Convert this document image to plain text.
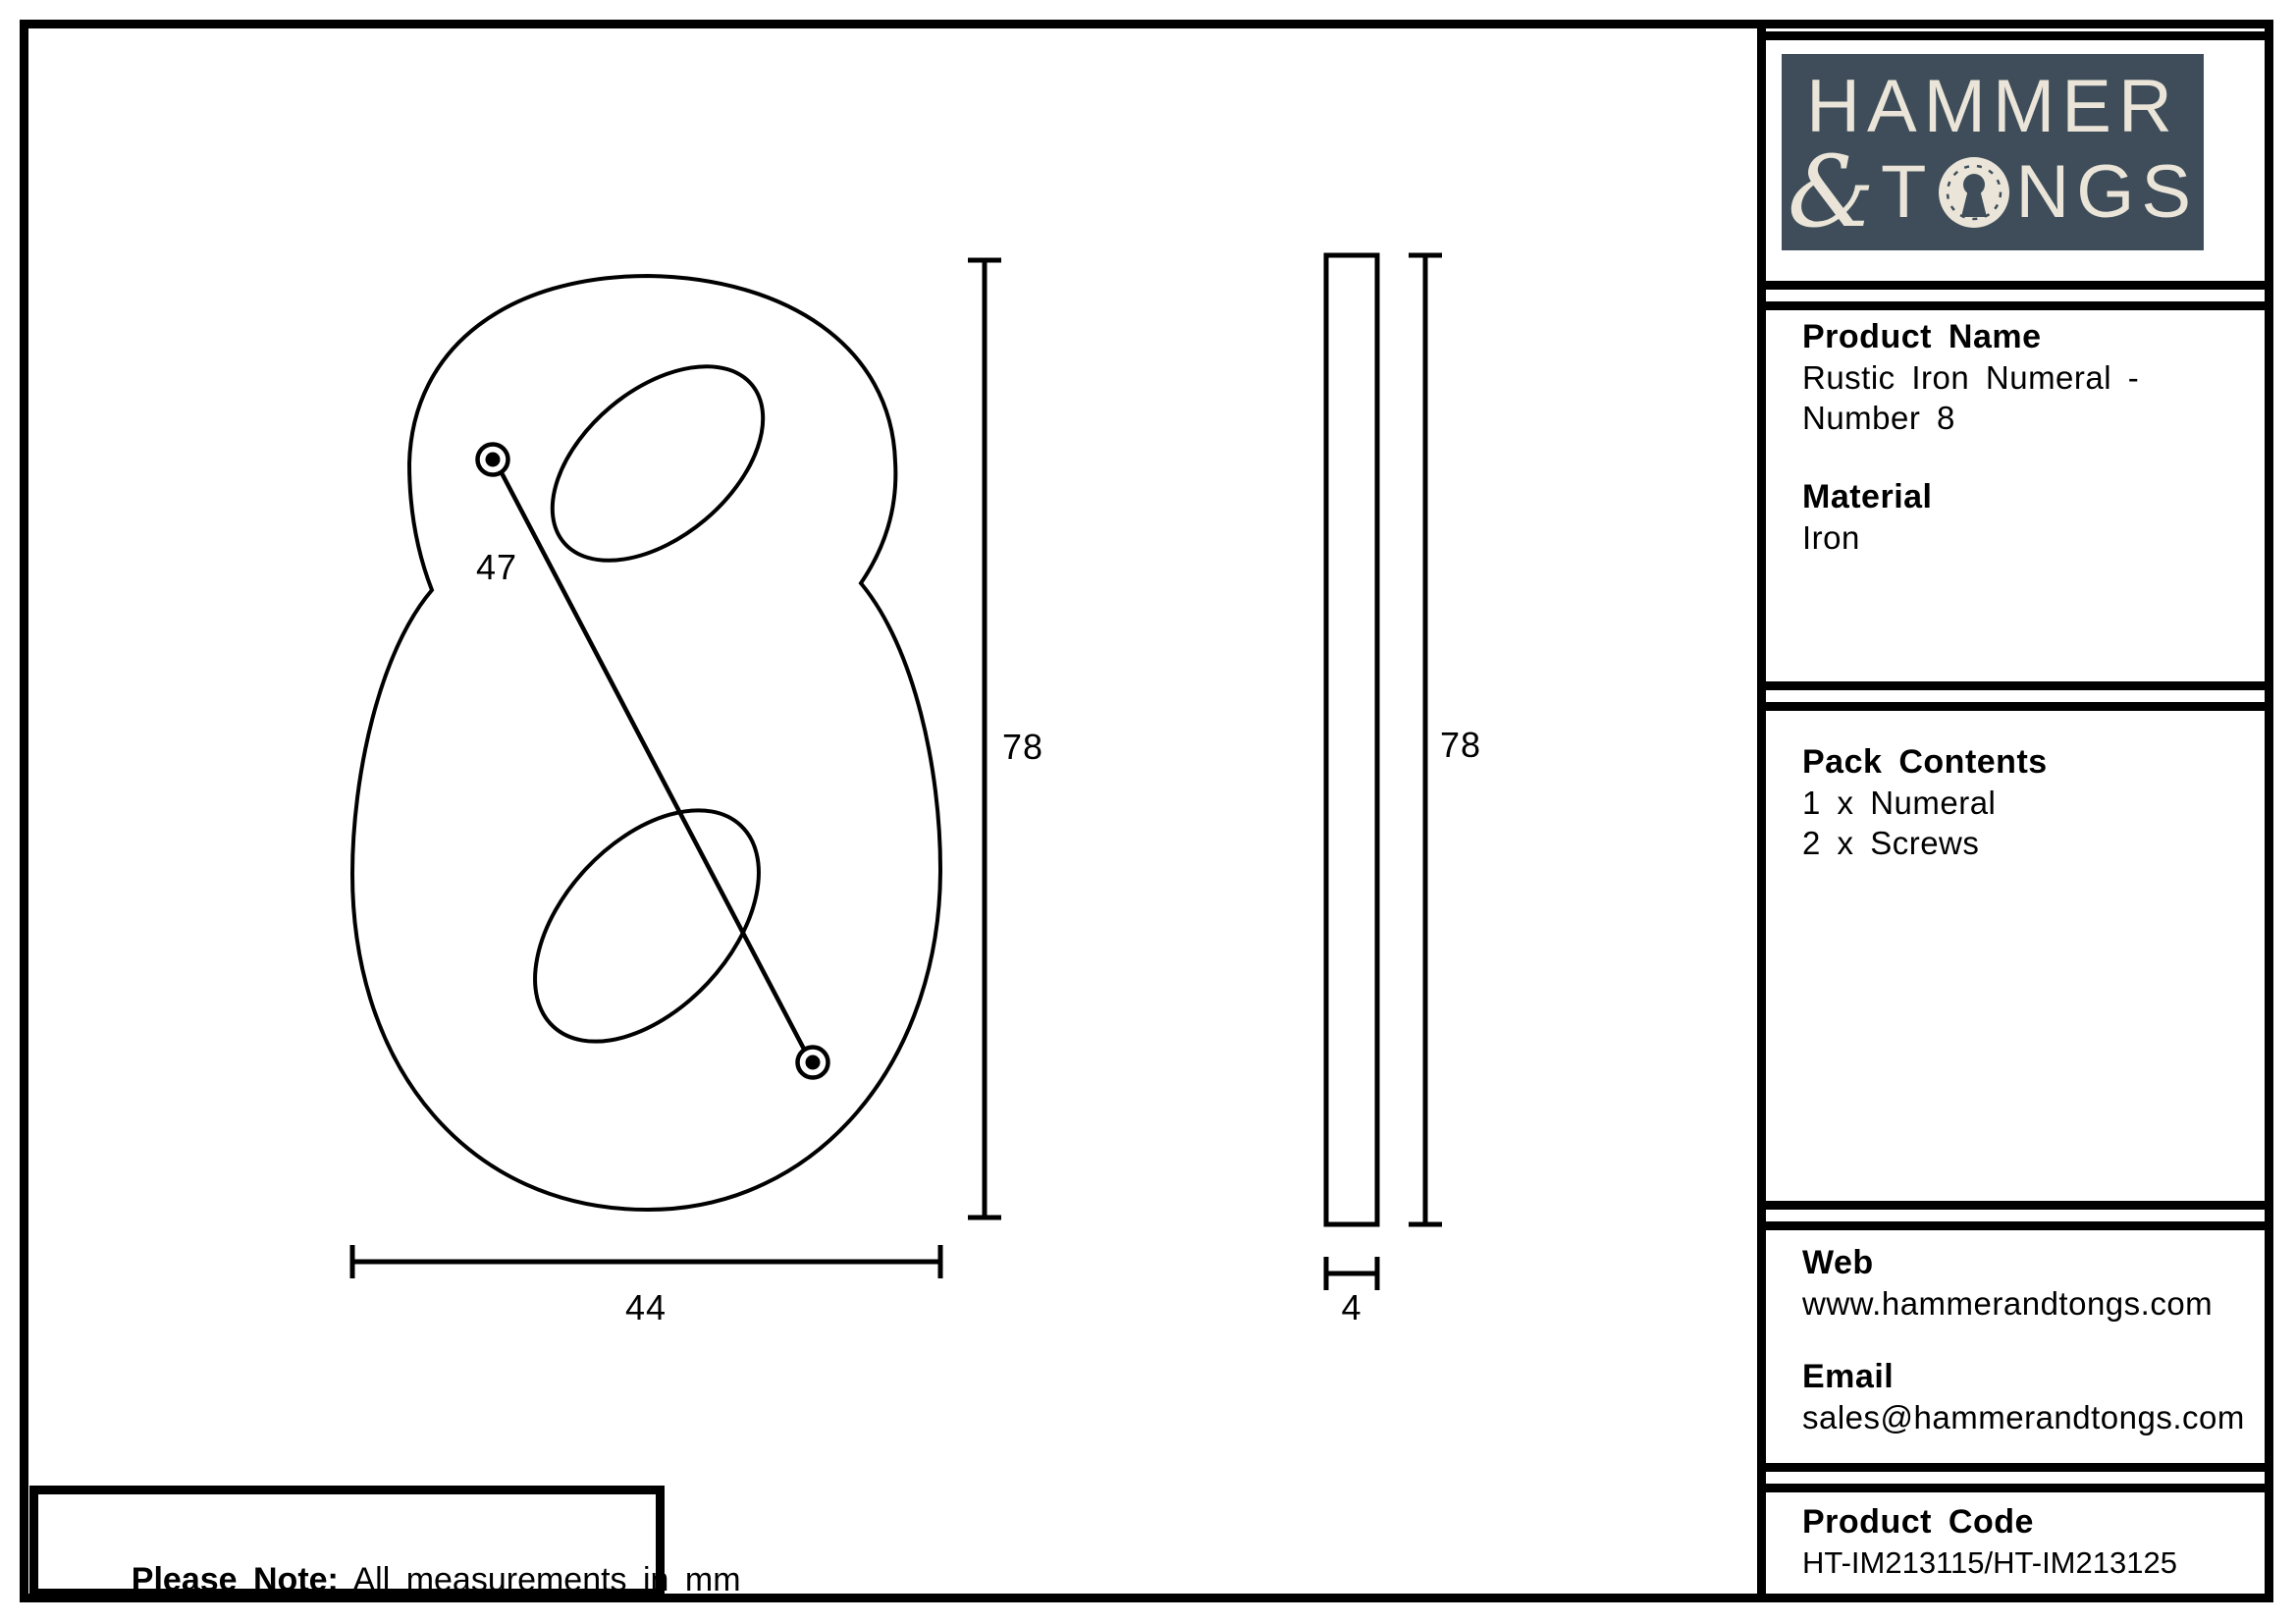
47
78
44
78
4
HAMMER
& T NGS
Product Name
Rustic Iron Numeral -
Number 8
Material
Iron
Pack Contents
1 x Numeral
2 x Screws
Web
www.hammerandtongs.com
Email
sales@hammerandtongs.com
Product Code
HT-IM213115/HT-IM213125

Please Note: All measurements in mm
